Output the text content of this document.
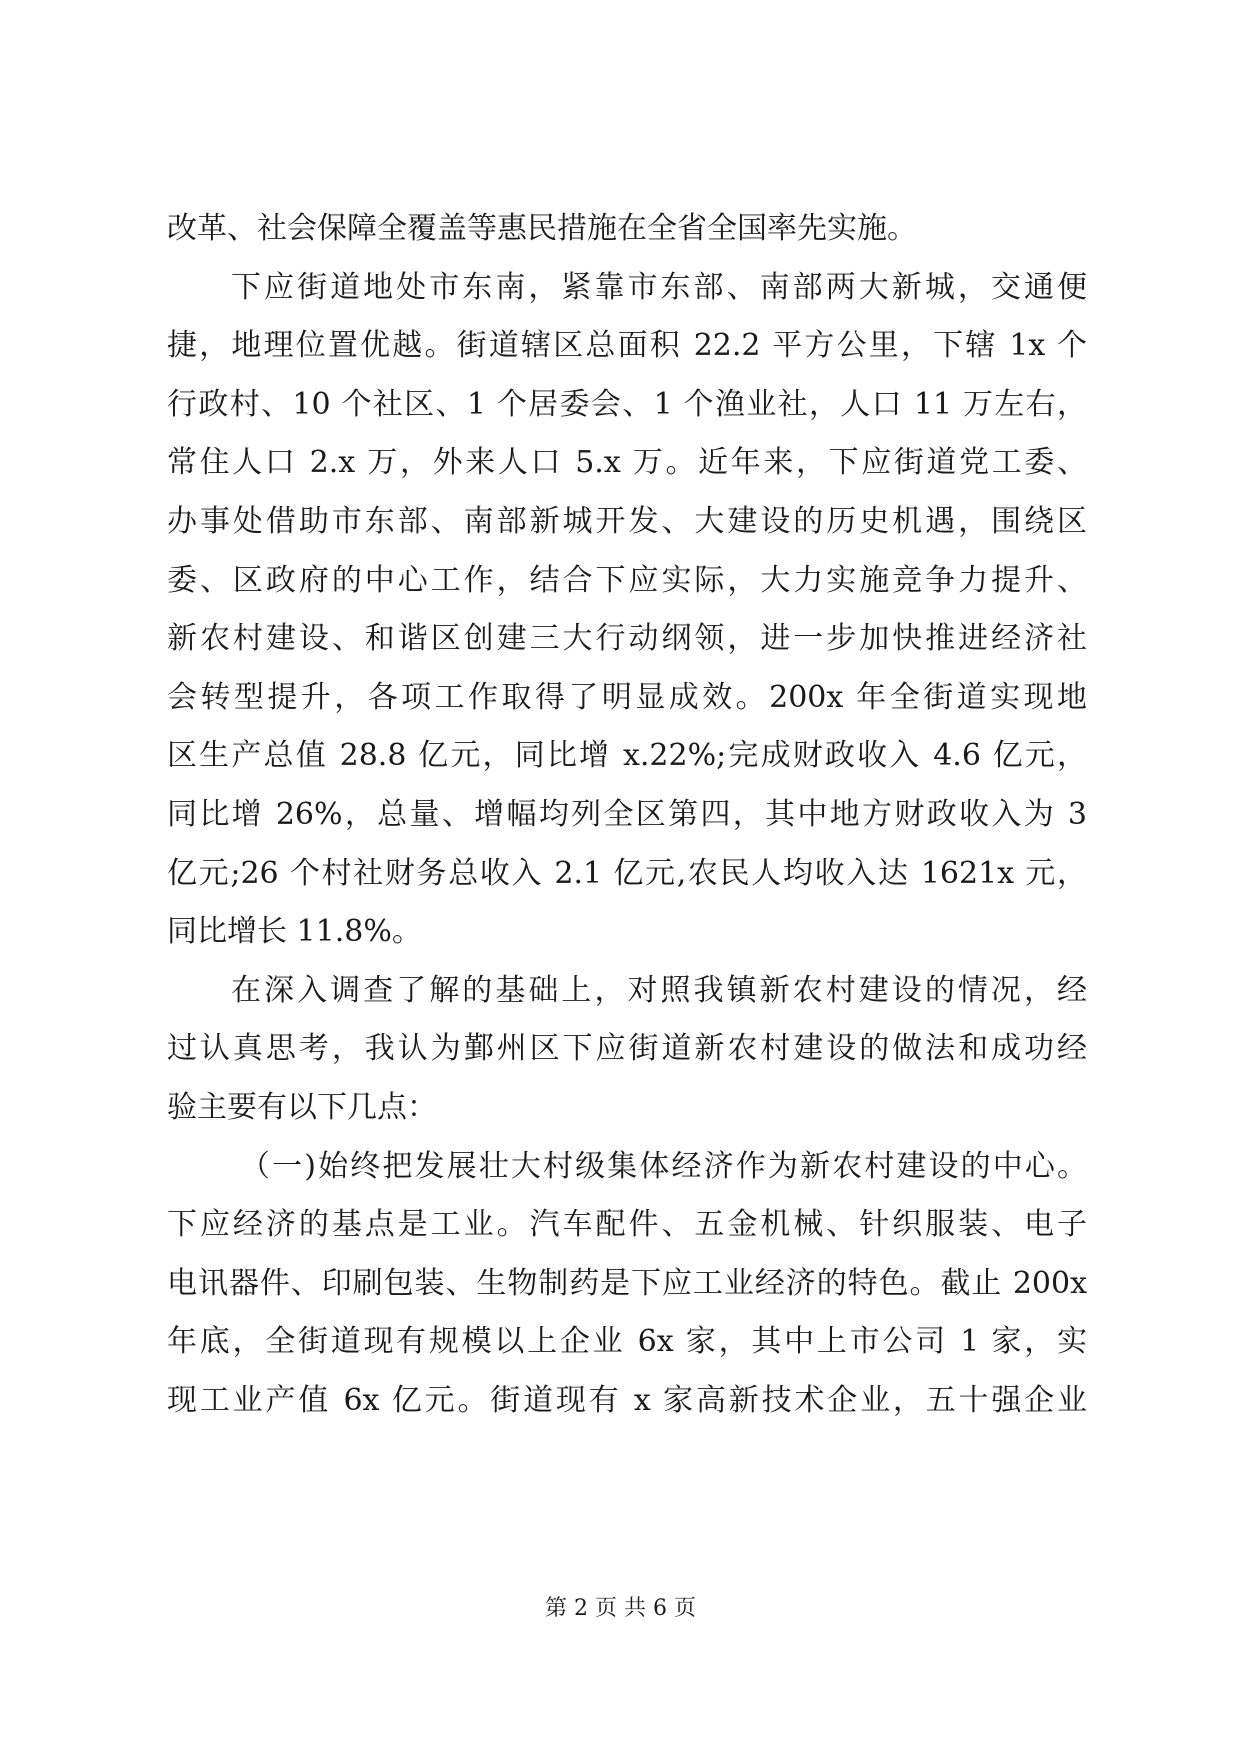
改革、社会保障全覆盖等惠民措施在全省全国率先实施。
下应街道地处市东南，紧靠市东部、南部两大新城，交通便
捷，地理位置优越。街道辖区总面积 22.2 平方公里，下辖 1x 个
行政村、10 个社区、1 个居委会、1 个渔业社，人口 11 万左右，
常住人口 2.x 万，外来人口 5.x 万。近年来，下应街道党工委、
办事处借助市东部、南部新城开发、大建设的历史机遇，围绕区
委、区政府的中心工作，结合下应实际，大力实施竞争力提升、
新农村建设、和谐区创建三大行动纲领，进一步加快推进经济社
会转型提升，各项工作取得了明显成效。200x 年全街道实现地
区生产总值 28.8 亿元，同比增 x.22%;完成财政收入 4.6 亿元，
同比增 26%，总量、增幅均列全区第四，其中地方财政收入为 3
亿元;26 个村社财务总收入 2.1 亿元,农民人均收入达 1621x 元，
同比增长 11.8%。
在深入调查了解的基础上，对照我镇新农村建设的情况，经
过认真思考，我认为鄞州区下应街道新农村建设的做法和成功经
验主要有以下几点：
（一)始终把发展壮大村级集体经济作为新农村建设的中心。
下应经济的基点是工业。汽车配件、五金机械、针织服装、电子
电讯器件、印刷包装、生物制药是下应工业经济的特色。截止 200x
年底，全街道现有规模以上企业 6x 家，其中上市公司 1 家，实
现工业产值 6x 亿元。街道现有 x 家高新技术企业，五十强企业
第 2 页 共 6 页
